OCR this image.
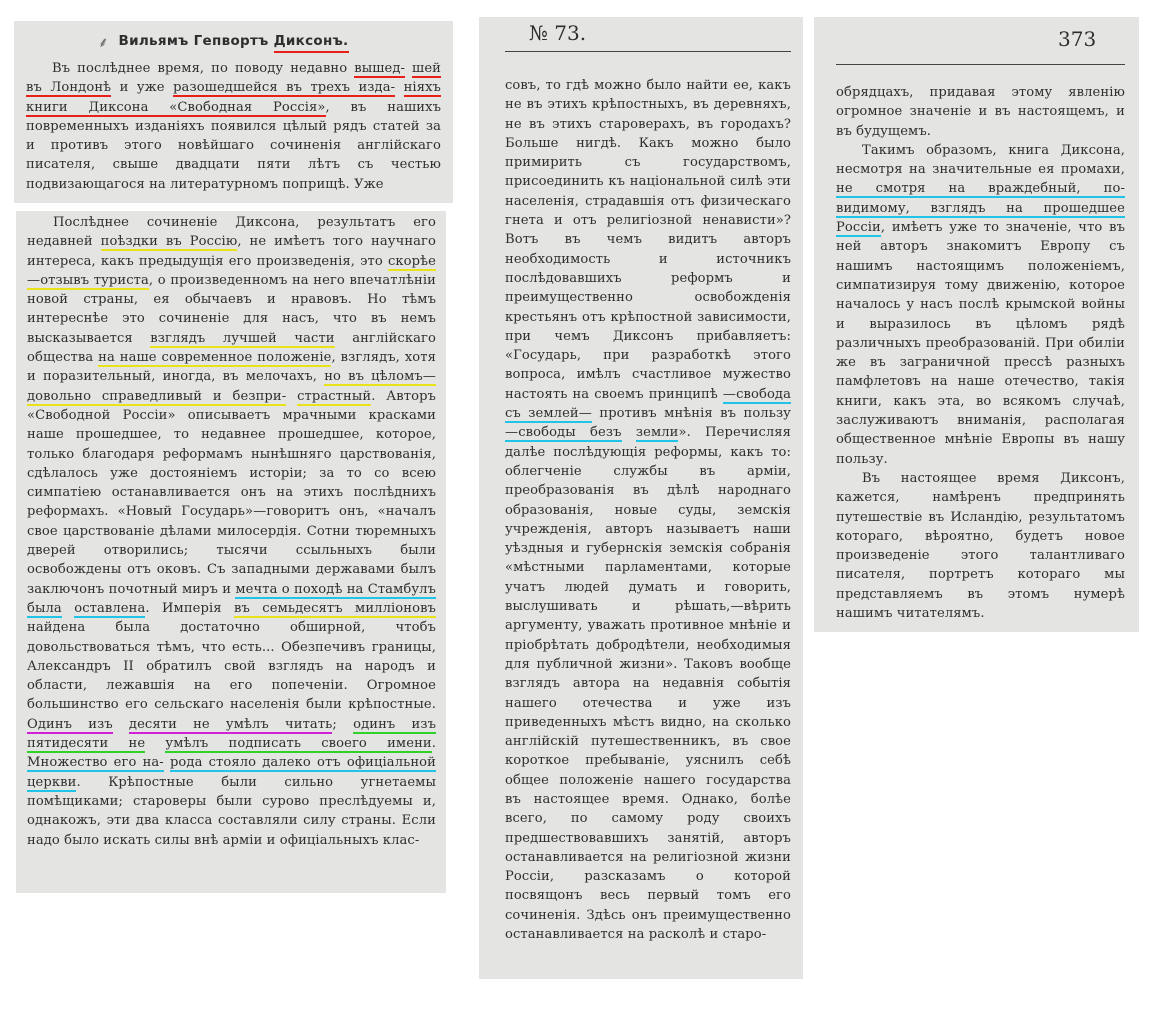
⸙ Вильямъ Гепвортъ Диксонъ.

Въ послѣднее время, по поводу недавно вышед- шей въ Лондонѣ и уже разошедшейся въ трехъ изда- ніяхъ книги Диксона «Свободная Россія», въ нашихъ повременныхъ изданіяхъ появился цѣлый рядъ статей за и противъ этого новѣйшаго сочиненія англійскаго писателя, свыше двадцати пяти лѣтъ съ честью подвизающагося на литературномъ поприщѣ. Уже

Послѣднее сочиненіе Диксона, результатъ его недавней поѣздки въ Россію, не имѣетъ того научнаго интереса, какъ предыдущія его произведенія, это скорѣе—отзывъ туриста, о произведенномъ на него впечатлѣніи новой страны, ея обычаевъ и нравовъ. Но тѣмъ интереснѣе это сочиненіе для насъ, что въ немъ высказывается взглядъ лучшей части англійскаго общества на наше современное положеніе, взглядъ, хотя и поразительный, иногда, въ мелочахъ, но въ цѣломъ—довольно справедливый и безпри- страстный. Авторъ «Свободной Россіи» описываетъ мрачными красками наше прошедшее, то недавнее прошедшее, которое, только благодаря реформамъ нынѣшняго царствованія, сдѣлалось уже достояніемъ исторіи; за то со всею симпатіею останавливается онъ на этихъ послѣднихъ реформахъ. «Новый Государь»—говоритъ онъ, «началъ свое царствованіе дѣлами милосердія. Сотни тюремныхъ дверей отворились; тысячи ссыльныхъ были освобождены отъ оковъ. Съ западными державами былъ заключонъ почотный миръ и мечта о походѣ на Стамбулъ была оставлена. Имперія въ семьдесятъ милліоновъ найдена была достаточно обширной, чтобъ довольствоваться тѣмъ, что есть... Обезпечивъ границы, Александръ II обратилъ свой взглядъ на народъ и области, лежавшія на его попеченіи. Огромное большинство его сельскаго населенія были крѣпостные. Одинъ изъ десяти не умѣлъ читать; одинъ изъ пятидесяти не умѣлъ подписать своего имени. Множество его на- рода стояло далеко отъ офиціальной церкви. Крѣпостные были сильно угнетаемы помѣщиками; староверы были сурово преслѣдуемы и, однакожъ, эти два класса составляли силу страны. Если надо было искать силы внѣ арміи и офиціальныхъ клас-

№ 73.

совъ, то гдѣ можно было найти ее, какъ не въ этихъ крѣпостныхъ, въ деревняхъ, не въ этихъ староверахъ, въ городахъ? Больше нигдѣ. Какъ можно было примирить съ государствомъ, присоединить къ національной силѣ эти населенія, страдавшія отъ физическаго гнета и отъ религіозной ненависти»? Вотъ въ чемъ видитъ авторъ необходимость и источникъ послѣдовавшихъ реформъ и преимущественно освобожденія крестьянъ отъ крѣпостной зависимости, при чемъ Диксонъ прибавляетъ: «Государь, при разработкѣ этого вопроса, имѣлъ счастливое мужество настоять на своемъ принципѣ —свобода съ землей— противъ мнѣнія въ пользу —свободы безъ земли». Перечисляя далѣе послѣдующія реформы, какъ то: облегченіе службы въ арміи, преобразованія въ дѣлѣ народнаго образованія, новые суды, земскія учрежденія, авторъ называетъ наши уѣздныя и губернскія земскія собранія «мѣстными парламентами, которые учатъ людей думать и говорить, выслушивать и рѣшать,—вѣрить аргументу, уважать противное мнѣніе и пріобрѣтать добродѣтели, необходимыя для публичной жизни». Таковъ вообще взглядъ автора на недавнія событія нашего отечества и уже изъ приведенныхъ мѣстъ видно, на сколько англійскій путешественникъ, въ свое короткое пребываніе, уяснилъ себѣ общее положеніе нашего государства въ настоящее время. Однако, болѣе всего, по самому роду своихъ предшествовавшихъ занятій, авторъ останавливается на религіозной жизни Россіи, разсказамъ о которой посвящонъ весь первый томъ его сочиненія. Здѣсь онъ преимущественно останавливается на расколѣ и старо-

373

обрядцахъ, придавая этому явленію огромное значеніе и въ настоящемъ, и въ будущемъ.

Такимъ образомъ, книга Диксона, несмотря на значительные ея промахи, не смотря на враждебный, по- видимому, взглядъ на прошедшее Россіи, имѣетъ уже то значеніе, что въ ней авторъ знакомитъ Европу съ нашимъ настоящимъ положеніемъ, симпатизируя тому движенію, которое началось у насъ послѣ крымской войны и выразилось въ цѣломъ рядѣ различныхъ преобразованій. При обиліи же въ заграничной прессѣ разныхъ памфлетовъ на наше отечество, такія книги, какъ эта, во всякомъ случаѣ, заслуживаютъ вниманія, располагая общественное мнѣніе Европы въ нашу пользу.

Въ настоящее время Диксонъ, кажется, намѣренъ предпринять путешествіе въ Исландію, результатомъ котораго, вѣроятно, будетъ новое произведеніе этого талантливаго писателя, портретъ котораго мы представляемъ въ этомъ нумерѣ нашимъ читателямъ.
